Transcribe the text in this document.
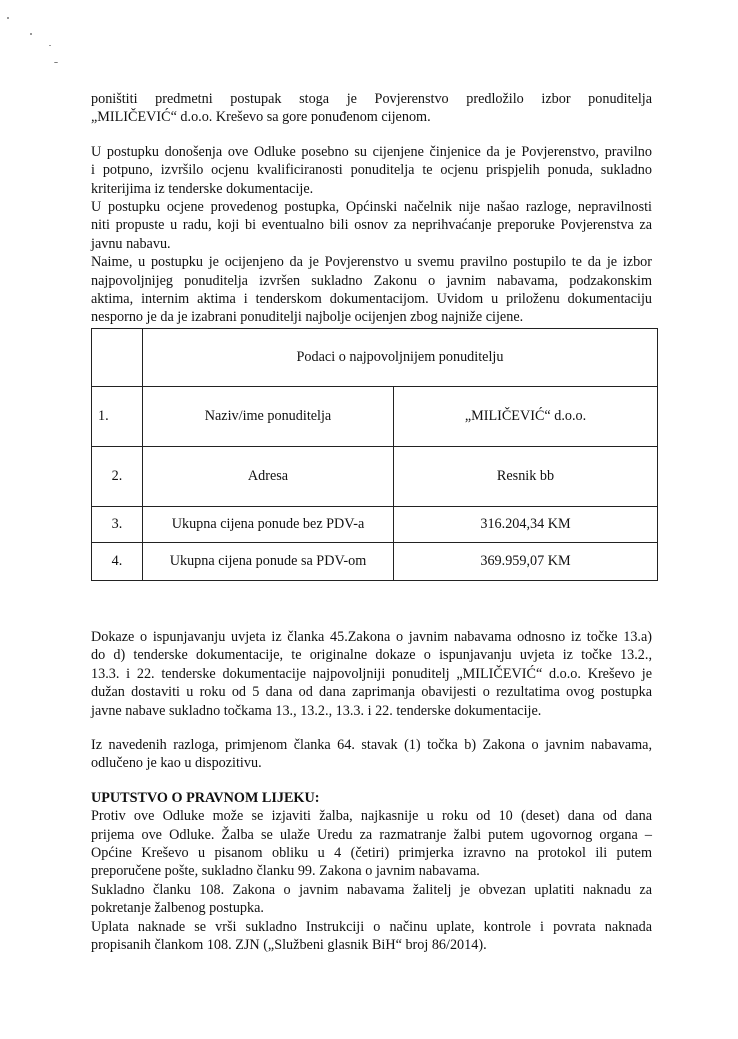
poništiti predmetni postupak stoga je Povjerenstvo predložilo izbor ponuditelja
„MILIČEVIĆ“ d.o.o. Kreševo sa gore ponuđenom cijenom.

U postupku donošenja ove Odluke posebno su cijenjene činjenice da je Povjerenstvo, pravilno
i potpuno, izvršilo ocjenu kvalificiranosti ponuditelja te ocjenu prispjelih ponuda, sukladno
kriterijima iz tenderske dokumentacije.

U postupku ocjene provedenog postupka, Općinski načelnik nije našao razloge, nepravilnosti
niti propuste u radu, koji bi eventualno bili osnov za neprihvaćanje preporuke Povjerenstva za
javnu nabavu.

Naime, u postupku je ocijenjeno da je Povjerenstvo u svemu pravilno postupilo te da je izbor
najpovoljnijeg ponuditelja izvršen sukladno Zakonu o javnim nabavama, podzakonskim
aktima, internim aktima i tenderskom dokumentacijom. Uvidom u priloženu dokumentaciju
nesporno je da je izabrani ponuditelji najbolje ocijenjen zbog najniže cijene.

	Podaci o najpovoljnijem ponuditelju	
1.	Naziv/ime ponuditelja	„MILIČEVIĆ“ d.o.o.
2.	Adresa	Resnik bb
3.	Ukupna cijena ponude bez PDV-a	316.204,34 KM
4.	Ukupna cijena ponude sa PDV-om	369.959,07 KM

Dokaze o ispunjavanju uvjeta iz članka 45.Zakona o javnim nabavama odnosno iz točke 13.a)
do d) tenderske dokumentacije, te originalne dokaze o ispunjavanju uvjeta iz točke 13.2.,
13.3. i 22. tenderske dokumentacije najpovoljniji ponuditelj „MILIČEVIĆ“ d.o.o. Kreševo je
dužan dostaviti u roku od 5 dana od dana zaprimanja obavijesti o rezultatima ovog postupka
javne nabave sukladno točkama 13., 13.2., 13.3. i 22. tenderske dokumentacije.

Iz navedenih razloga, primjenom članka 64. stavak (1) točka b) Zakona o javnim nabavama,
odlučeno je kao u dispozitivu.

UPUTSTVO O PRAVNOM LIJEKU:

Protiv ove Odluke može se izjaviti žalba, najkasnije u roku od 10 (deset) dana od dana
prijema ove Odluke. Žalba se ulaže Uredu za razmatranje žalbi putem ugovornog organa –
Općine Kreševo u pisanom obliku u 4 (četiri) primjerka izravno na protokol ili putem
preporučene pošte, sukladno članku 99. Zakona o javnim nabavama.

Sukladno članku 108. Zakona o javnim nabavama žalitelj je obvezan uplatiti naknadu za
pokretanje žalbenog postupka.

Uplata naknade se vrši sukladno Instrukciji o načinu uplate, kontrole i povrata naknada
propisanih člankom 108. ZJN („Službeni glasnik BiH“ broj 86/2014).
